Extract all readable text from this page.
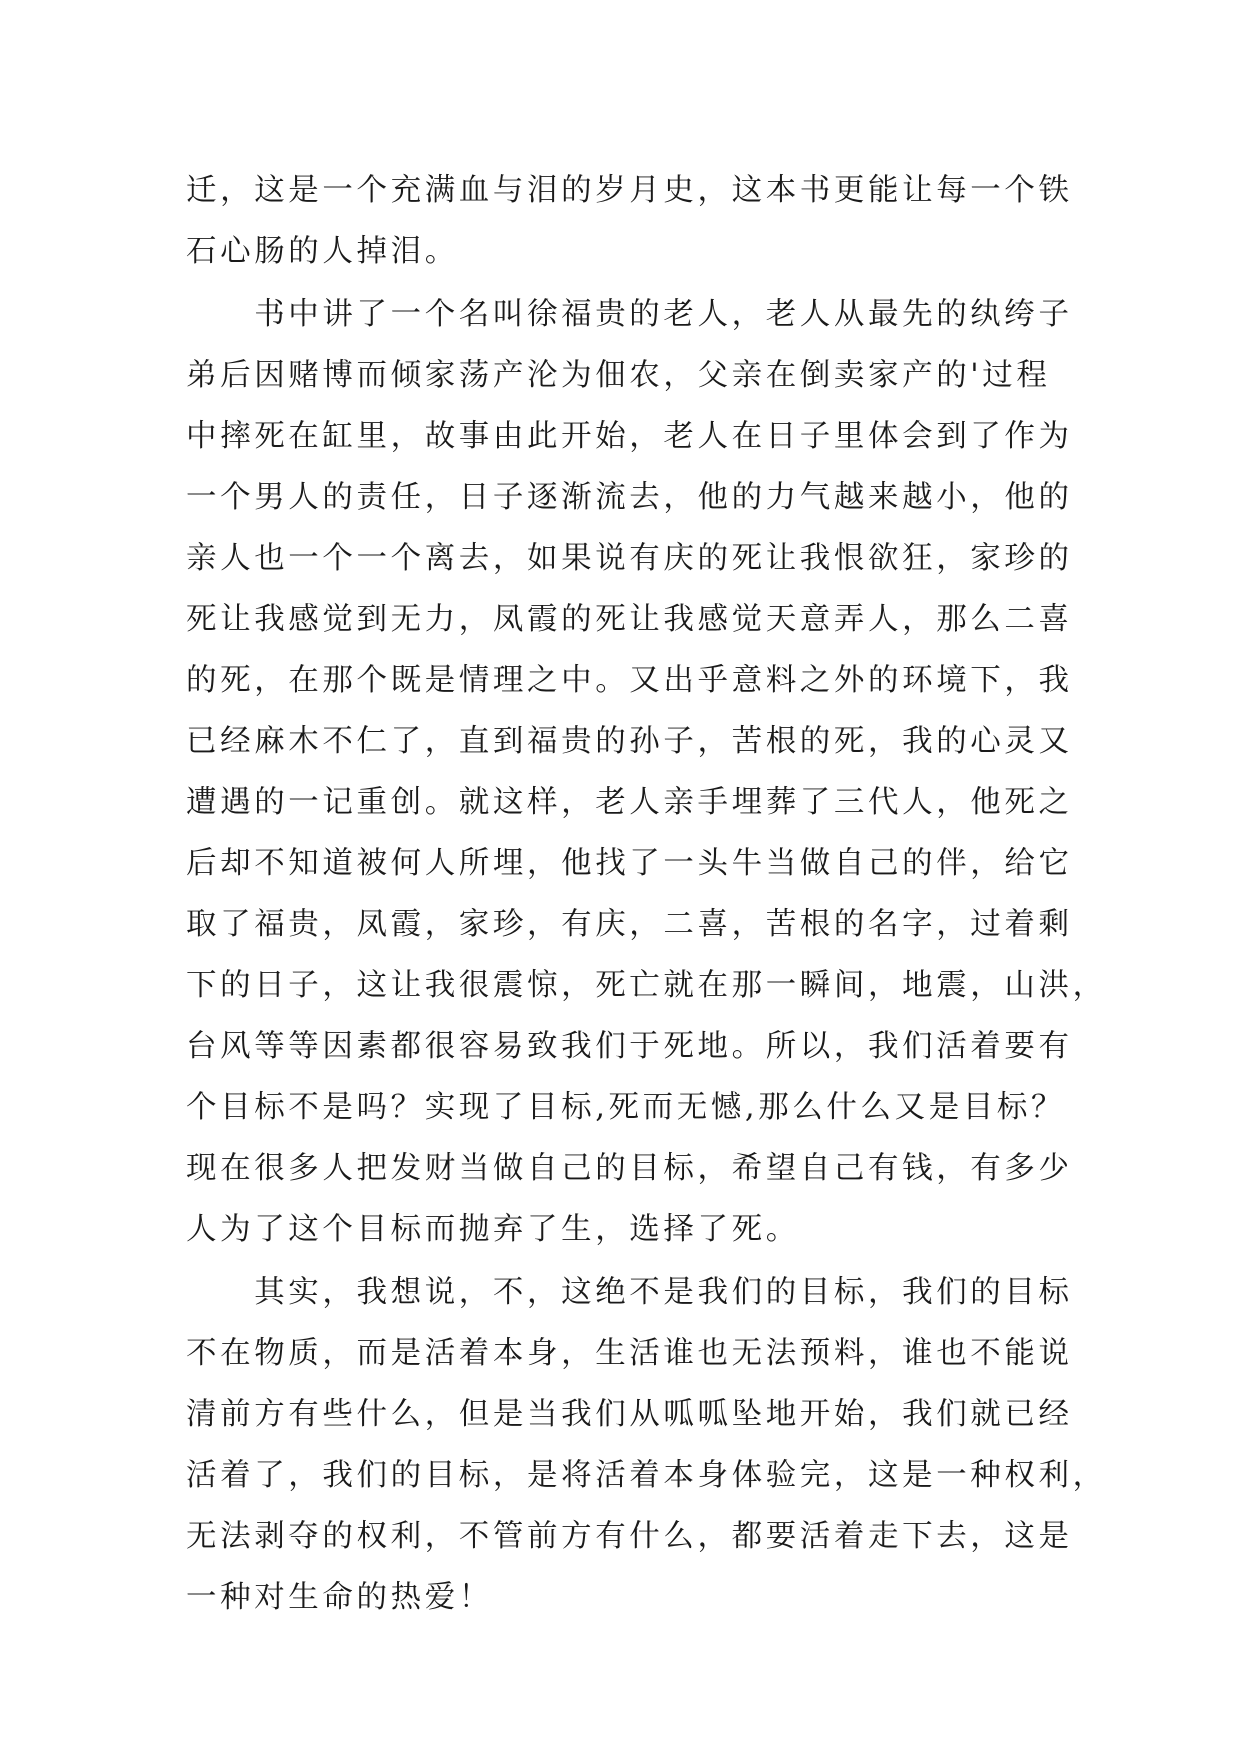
迁，这是一个充满血与泪的岁月史，这本书更能让每一个铁
石心肠的人掉泪。
　　书中讲了一个名叫徐福贵的老人，老人从最先的纨绔子
弟后因赌博而倾家荡产沦为佃农，父亲在倒卖家产的'过程
中摔死在缸里，故事由此开始，老人在日子里体会到了作为
一个男人的责任，日子逐渐流去，他的力气越来越小，他的
亲人也一个一个离去，如果说有庆的死让我恨欲狂，家珍的
死让我感觉到无力，凤霞的死让我感觉天意弄人，那么二喜
的死，在那个既是情理之中。又出乎意料之外的环境下，我
已经麻木不仁了，直到福贵的孙子，苦根的死，我的心灵又
遭遇的一记重创。就这样，老人亲手埋葬了三代人，他死之
后却不知道被何人所埋，他找了一头牛当做自己的伴，给它
取了福贵，凤霞，家珍，有庆，二喜，苦根的名字，过着剩
下的日子，这让我很震惊，死亡就在那一瞬间，地震，山洪，
台风等等因素都很容易致我们于死地。所以，我们活着要有
个目标不是吗？实现了目标,死而无憾,那么什么又是目标？
现在很多人把发财当做自己的目标，希望自己有钱，有多少
人为了这个目标而抛弃了生，选择了死。
　　其实，我想说，不，这绝不是我们的目标，我们的目标
不在物质，而是活着本身，生活谁也无法预料，谁也不能说
清前方有些什么，但是当我们从呱呱坠地开始，我们就已经
活着了，我们的目标，是将活着本身体验完，这是一种权利，
无法剥夺的权利，不管前方有什么，都要活着走下去，这是
一种对生命的热爱！
